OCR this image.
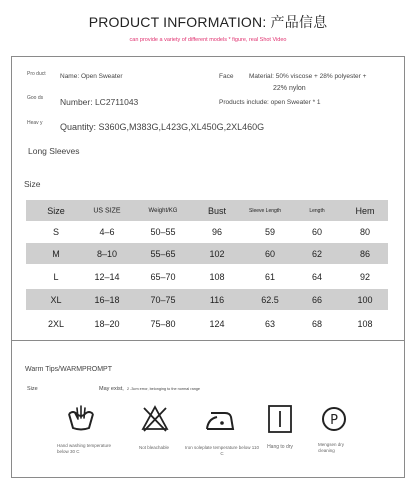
PRODUCT INFORMATION: 产品信息
can provide a variety of different models * figure, real Shot Video
Pro duct	Name: Open Sweater	Face Material: 50% viscose + 28% polyester +
22% nylon
Goo ds	Number: LC2711043	Products include: open Sweater * 1
Heav y	Quantity: S360G,M383G,L423G,XL450G,2XL460G
Long Sleeves
Size
Size	US SIZE	Weight/KG	Bust	Sleeve Length	Length	Hem
S	4–6	50–55	96	59	60	80
M	8–10	55–65	102	60	62	86
L	12–14	65–70	108	61	64	92
XL	16–18	70–75	116	62.5	66	100
2XL	18–20	75–80	124	63	68	108
Warm Tips/WARMPROMPT
Size	May exist, 2 -3cm error, belonging to the normal range
P
Hand washing temperature below 30 C
Not bleachable	Iron soleplate temperature below 110 C
Hang to dry	Mengsen dry cleaning
